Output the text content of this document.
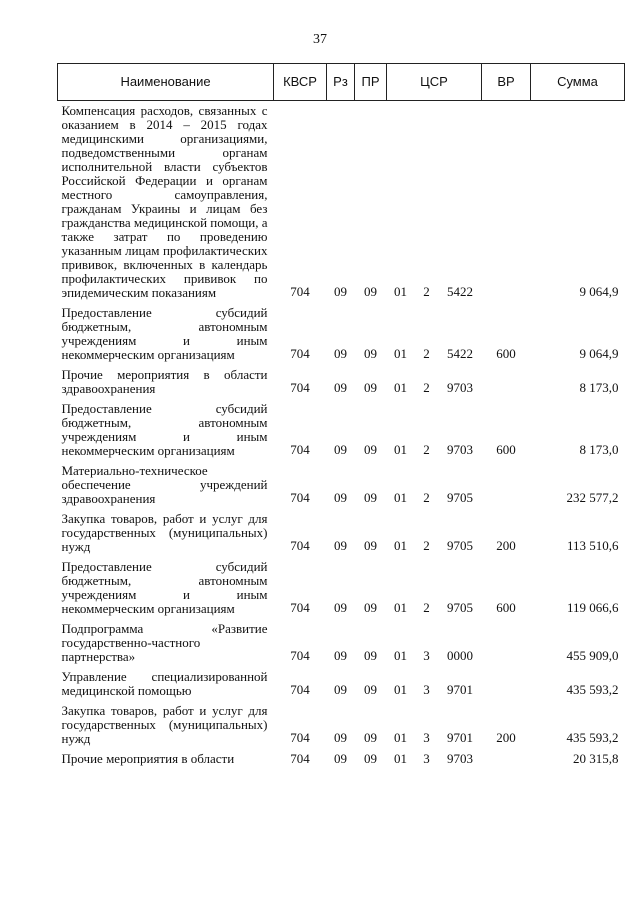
37
Наименование	КВСР	Рз	ПР	ЦСР			ВР	Сумма
Компенсация расходов, связанных с оказанием в 2014 – 2015 годах медицинскими организациями, подведомственными органам исполнительной власти субъектов Российской Федерации и органам местного самоуправления, гражданам Украины и лицам без гражданства медицинской помощи, а также затрат по проведению указанным лицам профилактических прививок, включенных в календарь профилактических прививок по эпидемическим показаниям	704	09	09	01	2	5422		9 064,9
Предоставление субсидий бюджетным, автономным учреждениям и иным некоммерческим организациям	704	09	09	01	2	5422	600	9 064,9
Прочие мероприятия в области здравоохранения	704	09	09	01	2	9703		8 173,0
Предоставление субсидий бюджетным, автономным учреждениям и иным некоммерческим организациям	704	09	09	01	2	9703	600	8 173,0
Материально-техническое обеспечение учреждений здравоохранения	704	09	09	01	2	9705		232 577,2
Закупка товаров, работ и услуг для государственных (муниципальных) нужд	704	09	09	01	2	9705	200	113 510,6
Предоставление субсидий бюджетным, автономным учреждениям и иным некоммерческим организациям	704	09	09	01	2	9705	600	119 066,6
Подпрограмма «Развитие государственно-частного партнерства»	704	09	09	01	3	0000		455 909,0
Управление специализированной медицинской помощью	704	09	09	01	3	9701		435 593,2
Закупка товаров, работ и услуг для государственных (муниципальных) нужд	704	09	09	01	3	9701	200	435 593,2
Прочие мероприятия в области	704	09	09	01	3	9703		20 315,8
